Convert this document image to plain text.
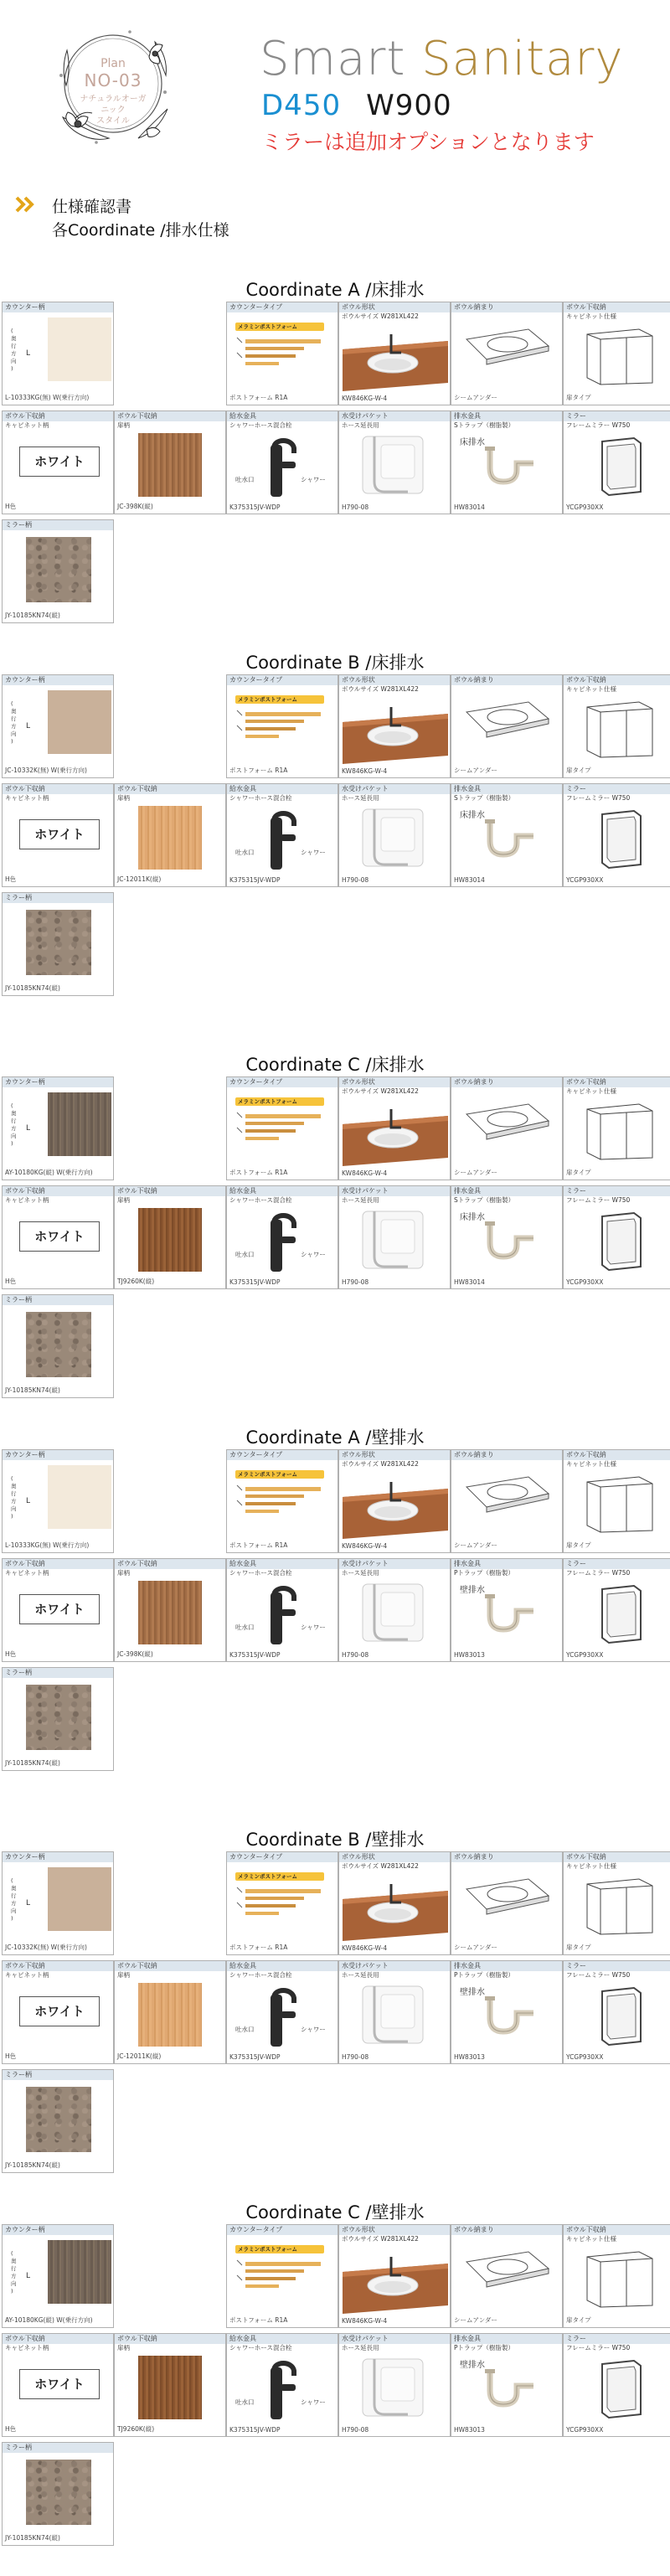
Plan
NO-03
ナチュラルオーガニック
スタイル
Smart Sanitary
D450 W900
ミラーは追加オプションとなります
仕様確認書
各Coordinate /排水仕様
Coordinate A /床排水
カウンター柄
(
奥
行
方
向
)
L
L-10333KG(無) W(乗行方向)
カウンタータイプ
メラミンポストフォーム
ポストフォーム R1A
ボウル形状
ボウルサイズ W281XL422
KW846KG-W-4
ボウル納まり
シームアンダー
ボウル下収納
キャビネット仕様
扉タイプ
ボウル下収納
キャビネット柄
ホワイト
H色
ボウル下収納
扉柄
JC-398K(縦)
給水金具
シャワーホース混合栓
吐水口	シャワー
K375315JV-WDP
水受けパケット
ホース延長用
H790-08
排水金具
Sトラップ（樹脂製）
床排水
HW83014
ミラー
フレームミラー W750
YCGP930XX
ミラー柄
JY-10185KN74(縦)
Coordinate B /床排水
カウンター柄
(
奥
行
方
向
)
L
JC-10332K(無) W(乗行方向)
カウンタータイプ
メラミンポストフォーム
ポストフォーム R1A
ボウル形状
ボウルサイズ W281XL422
KW846KG-W-4
ボウル納まり
シームアンダー
ボウル下収納
キャビネット仕様
扉タイプ
ボウル下収納
キャビネット柄
ホワイト
H色
ボウル下収納
扉柄
JC-12011K(縦)
給水金具
シャワーホース混合栓
吐水口	シャワー
K375315JV-WDP
水受けパケット
ホース延長用
H790-08
排水金具
Sトラップ（樹脂製）
床排水
HW83014
ミラー
フレームミラー W750
YCGP930XX
ミラー柄
JY-10185KN74(縦)
Coordinate C /床排水
カウンター柄
(
奥
行
方
向
)
L
AY-10180KG(縦) W(乗行方向)
カウンタータイプ
メラミンポストフォーム
ポストフォーム R1A
ボウル形状
ボウルサイズ W281XL422
KW846KG-W-4
ボウル納まり
シームアンダー
ボウル下収納
キャビネット仕様
扉タイプ
ボウル下収納
キャビネット柄
ホワイト
H色
ボウル下収納
扉柄
TJ9260K(縦)
給水金具
シャワーホース混合栓
吐水口	シャワー
K375315JV-WDP
水受けパケット
ホース延長用
H790-08
排水金具
Sトラップ（樹脂製）
床排水
HW83014
ミラー
フレームミラー W750
YCGP930XX
ミラー柄
JY-10185KN74(縦)
Coordinate A /壁排水
カウンター柄
(
奥
行
方
向
)
L
L-10333KG(無) W(乗行方向)
カウンタータイプ
メラミンポストフォーム
ポストフォーム R1A
ボウル形状
ボウルサイズ W281XL422
KW846KG-W-4
ボウル納まり
シームアンダー
ボウル下収納
キャビネット仕様
扉タイプ
ボウル下収納
キャビネット柄
ホワイト
H色
ボウル下収納
扉柄
JC-398K(縦)
給水金具
シャワーホース混合栓
吐水口	シャワー
K375315JV-WDP
水受けパケット
ホース延長用
H790-08
排水金具
Pトラップ（樹脂製）
壁排水
HW83013
ミラー
フレームミラー W750
YCGP930XX
ミラー柄
JY-10185KN74(縦)
Coordinate B /壁排水
カウンター柄
(
奥
行
方
向
)
L
JC-10332K(無) W(乗行方向)
カウンタータイプ
メラミンポストフォーム
ポストフォーム R1A
ボウル形状
ボウルサイズ W281XL422
KW846KG-W-4
ボウル納まり
シームアンダー
ボウル下収納
キャビネット仕様
扉タイプ
ボウル下収納
キャビネット柄
ホワイト
H色
ボウル下収納
扉柄
JC-12011K(縦)
給水金具
シャワーホース混合栓
吐水口	シャワー
K375315JV-WDP
水受けパケット
ホース延長用
H790-08
排水金具
Pトラップ（樹脂製）
壁排水
HW83013
ミラー
フレームミラー W750
YCGP930XX
ミラー柄
JY-10185KN74(縦)
Coordinate C /壁排水
カウンター柄
(
奥
行
方
向
)
L
AY-10180KG(縦) W(乗行方向)
カウンタータイプ
メラミンポストフォーム
ポストフォーム R1A
ボウル形状
ボウルサイズ W281XL422
KW846KG-W-4
ボウル納まり
シームアンダー
ボウル下収納
キャビネット仕様
扉タイプ
ボウル下収納
キャビネット柄
ホワイト
H色
ボウル下収納
扉柄
TJ9260K(縦)
給水金具
シャワーホース混合栓
吐水口	シャワー
K375315JV-WDP
水受けパケット
ホース延長用
H790-08
排水金具
Pトラップ（樹脂製）
壁排水
HW83013
ミラー
フレームミラー W750
YCGP930XX
ミラー柄
JY-10185KN74(縦)
